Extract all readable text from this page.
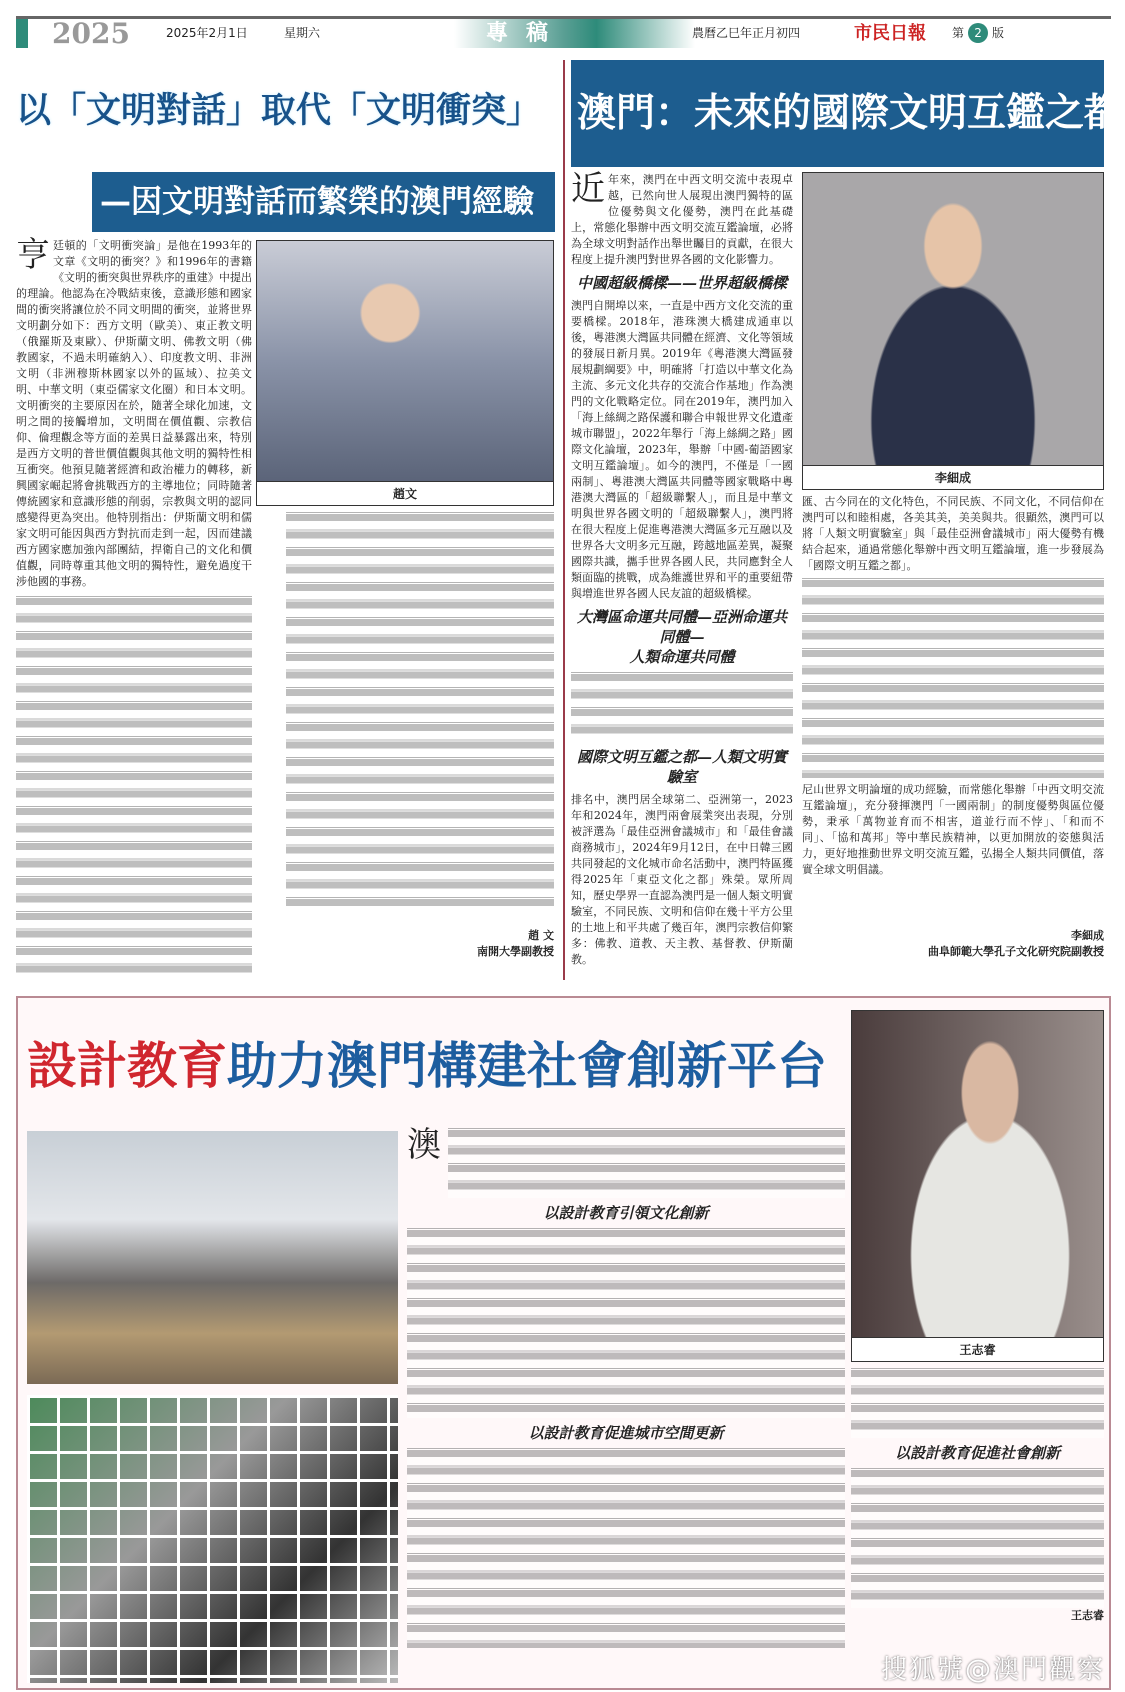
2025	2025年2月1日	星期六	專稿	農曆乙巳年正月初四	市民日報 第 2 版
以「文明對話」取代「文明衝突」
—因文明對話而繁榮的澳門經驗
亨廷頓的「文明衝突論」是他在1993年的文章《文明的衝突？》和1996年的書籍《文明的衝突與世界秩序的重建》中提出的理論。他認為在冷戰結束後，意識形態和國家間的衝突將讓位於不同文明間的衝突，並將世界文明劃分如下：西方文明（歐美）、東正教文明（俄羅斯及東歐）、伊斯蘭文明、佛教文明（佛教國家，不過未明確納入）、印度教文明、非洲文明（非洲穆斯林國家以外的區域）、拉美文明、中華文明（東亞儒家文化圈）和日本文明。文明衝突的主要原因在於，隨著全球化加速，文明之間的接觸增加，文明間在價值觀、宗教信仰、倫理觀念等方面的差異日益暴露出來，特別是西方文明的普世價值觀與其他文明的獨特性相互衝突。他預見隨著經濟和政治權力的轉移，新興國家崛起將會挑戰西方的主導地位；同時隨著傳統國家和意識形態的削弱，宗教與文明的認同感變得更為突出。他特別指出：伊斯蘭文明和儒家文明可能因與西方對抗而走到一起，因而建議西方國家應加強內部團結，捍衛自己的文化和價值觀，同時尊重其他文明的獨特性，避免過度干涉他國的事務。
趙文
趙 文
南開大學副教授
澳門：未來的國際文明互鑑之都
近年來，澳門在中西文明交流中表現卓越，已然向世人展現出澳門獨特的區位優勢與文化優勢，澳門在此基礎上，常態化舉辦中西文明交流互鑑論壇，必將為全球文明對話作出舉世矚目的貢獻，在很大程度上提升澳門對世界各國的文化影響力。
中國超級橋樑——世界超級橋樑
澳門自開埠以來，一直是中西方文化交流的重要橋樑。2018年，港珠澳大橋建成通車以後，粵港澳大灣區共同體在經濟、文化等領域的發展日新月異。2019年《粵港澳大灣區發展規劃綱要》中，明確將「打造以中華文化為主流、多元文化共存的交流合作基地」作為澳門的文化戰略定位。同在2019年，澳門加入「海上絲綢之路保護和聯合申報世界文化遺產城市聯盟」，2022年舉行「海上絲綢之路」國際文化論壇，2023年，舉辦「中國-葡語國家文明互鑑論壇」。如今的澳門，不僅是「一國兩制」、粵港澳大灣區共同體等國家戰略中粵港澳大灣區的「超級聯繫人」，而且是中華文明與世界各國文明的「超級聯繫人」，澳門將在很大程度上促進粵港澳大灣區多元互融以及世界各大文明多元互融，跨越地區差異，凝聚國際共識，攜手世界各國人民，共同應對全人類面臨的挑戰，成為維護世界和平的重要紐帶與增進世界各國人民友誼的超級橋樑。
大灣區命運共同體—亞洲命運共同體—
人類命運共同體
國際文明互鑑之都—人類文明實驗室
排名中，澳門居全球第二、亞洲第一，2023年和2024年，澳門兩會展業突出表現，分別被評選為「最佳亞洲會議城市」和「最佳會議商務城市」，2024年9月12日，在中日韓三國共同發起的文化城市命名活動中，澳門特區獲得2025年「東亞文化之都」殊榮。眾所周知，歷史學界一直認為澳門是一個人類文明實驗室，不同民族、文明和信仰在幾十平方公里的土地上和平共處了幾百年，澳門宗教信仰繁多：佛教、道教、天主教、基督教、伊斯蘭教。
李細成
匯、古今同在的文化特色，不同民族、不同文化，不同信仰在澳門可以和睦相處，各美其美，美美與共。很顯然，澳門可以將「人類文明實驗室」與「最佳亞洲會議城市」兩大優勢有機結合起來，通過常態化舉辦中西文明互鑑論壇，進一步發展為「國際文明互鑑之都」。
尼山世界文明論壇的成功經驗，而常態化舉辦「中西文明交流互鑑論壇」，充分發揮澳門「一國兩制」的制度優勢與區位優勢，秉承「萬物並育而不相害，道並行而不悖」、「和而不同」、「協和萬邦」等中華民族精神，以更加開放的姿態與活力，更好地推動世界文明交流互鑑，弘揚全人類共同價值，落實全球文明倡議。
李細成
曲阜師範大學孔子文化研究院副教授
設計教育助力澳門構建社會創新平台
王志睿
澳
以設計教育引領文化創新
以設計教育促進城市空間更新
以設計教育促進社會創新
王志睿
搜狐號@澳門觀察
